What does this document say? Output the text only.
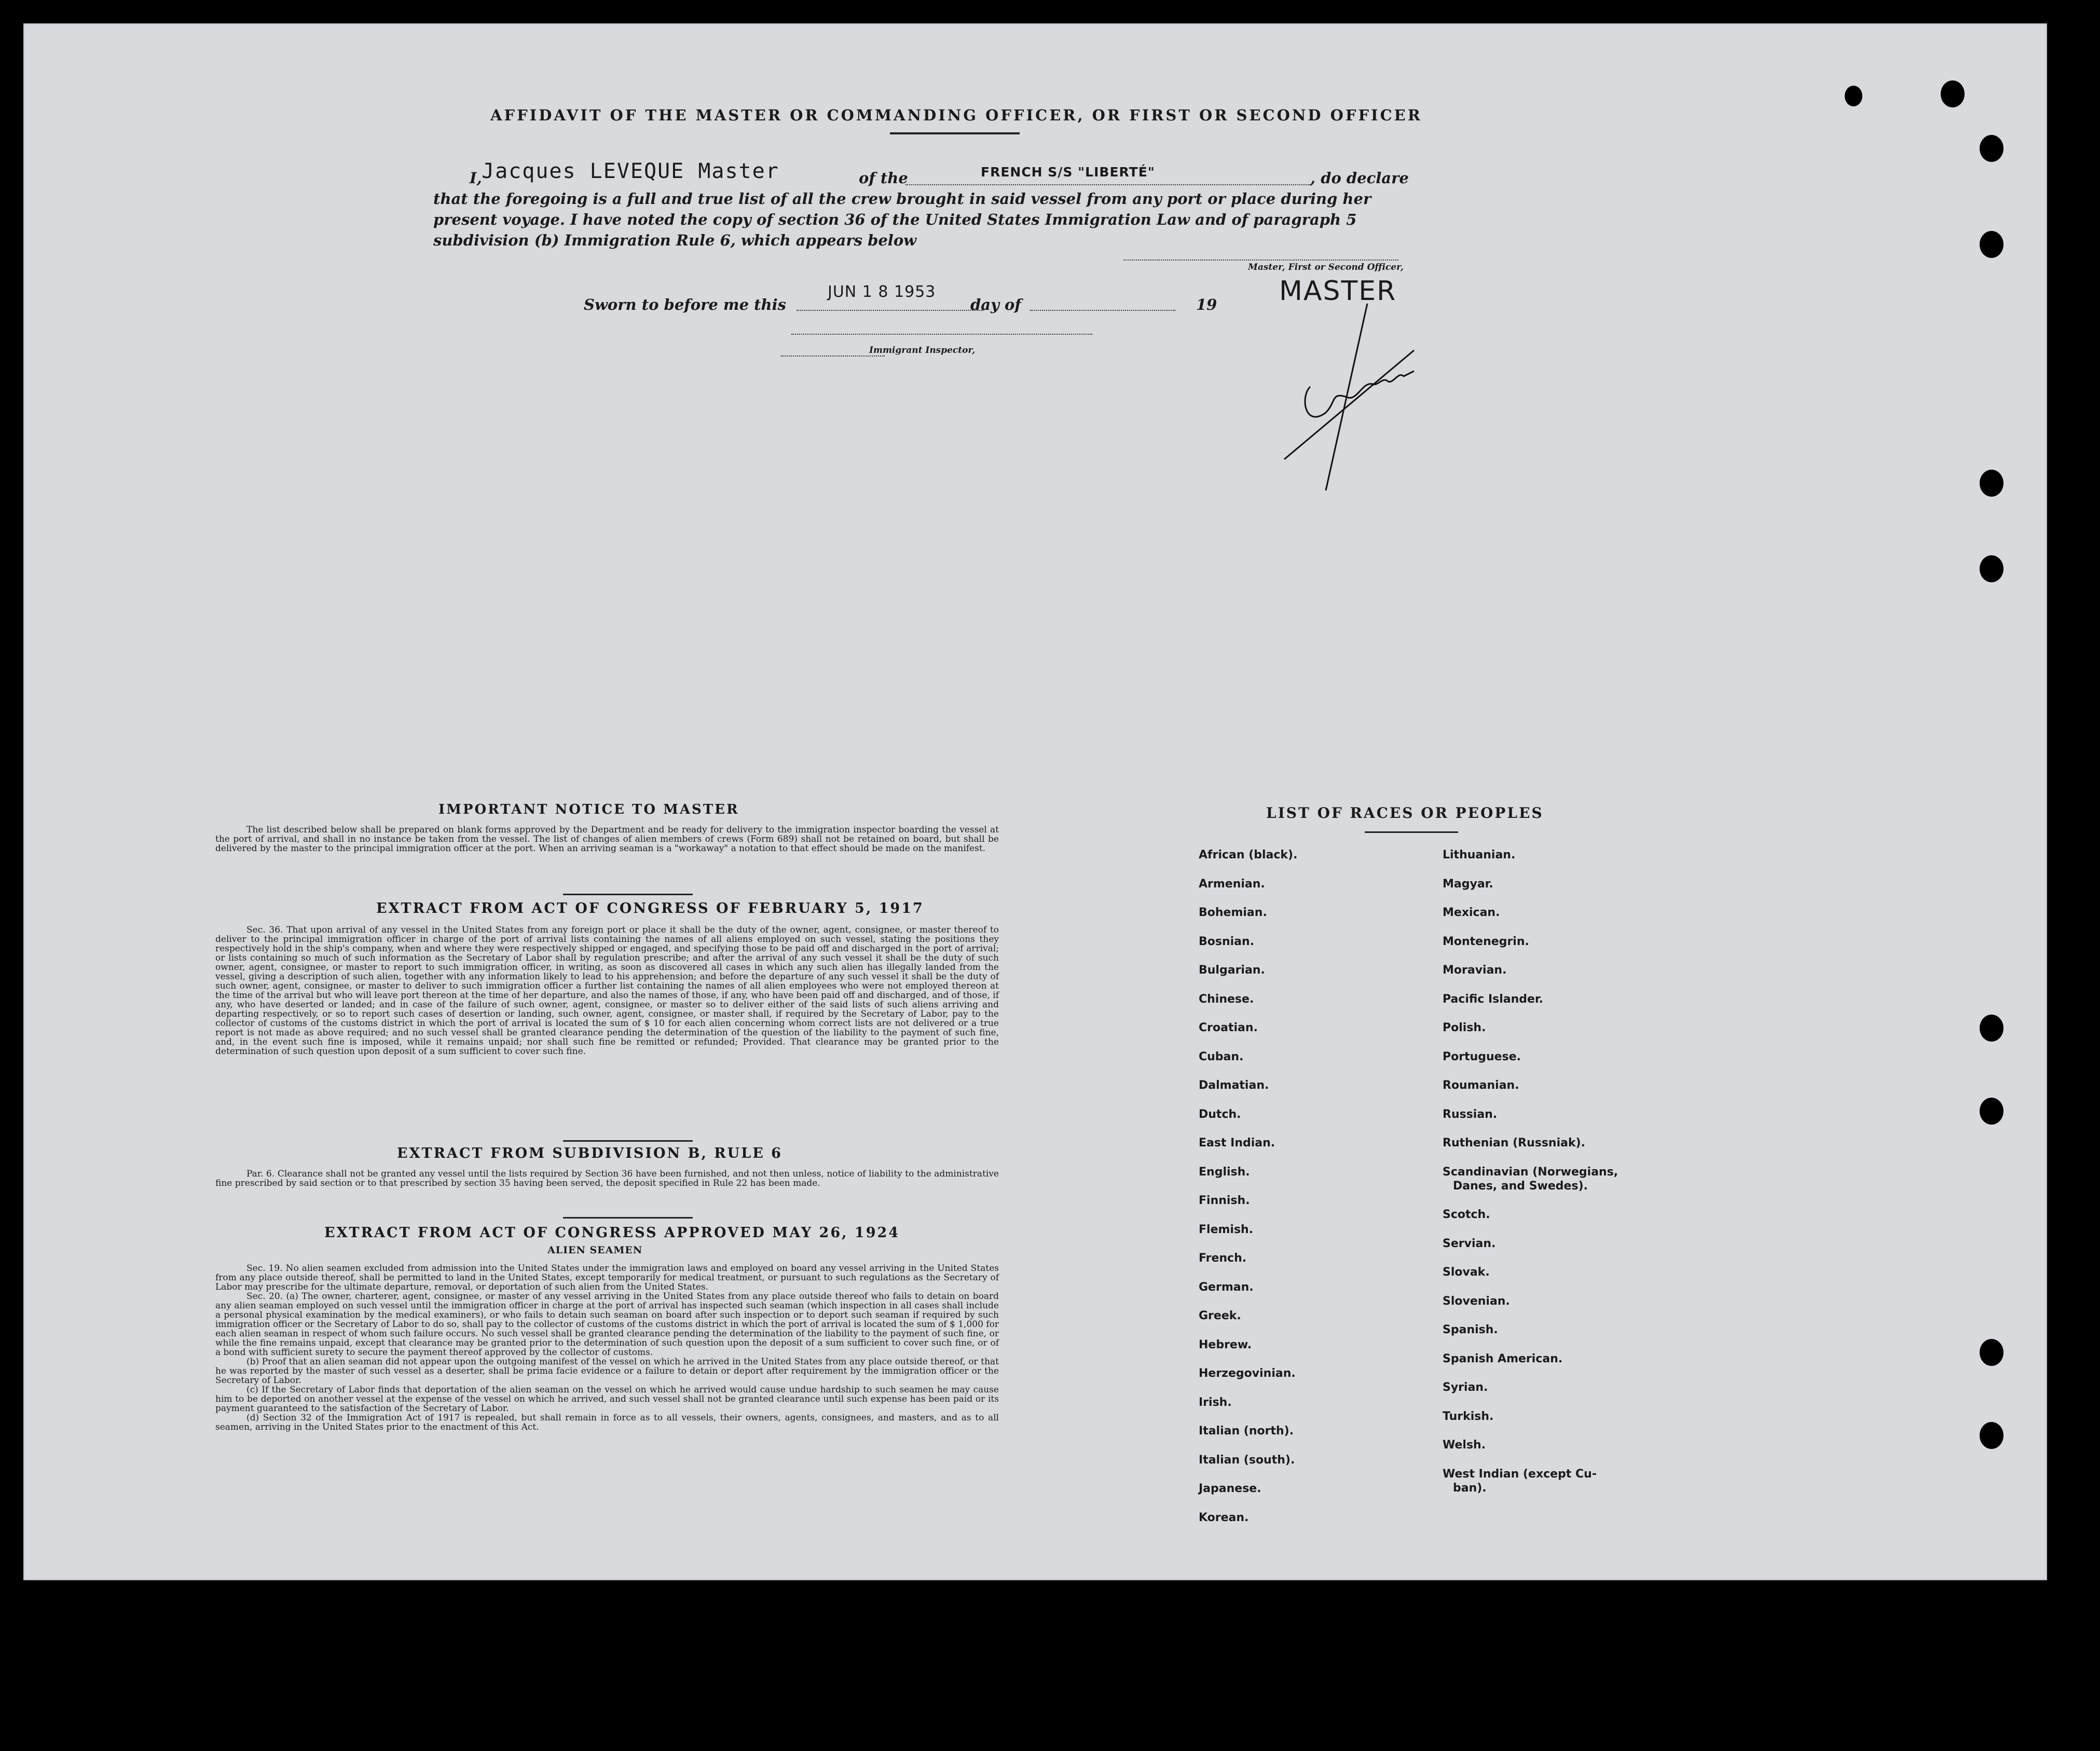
AFFIDAVIT OF THE MASTER OR COMMANDING OFFICER, OR FIRST OR SECOND OFFICER
I, Jacques LEVEQUE Master	of the	FRENCH S/S "LIBERTÉ"	, do declare
that the foregoing is a full and true list of all the crew brought in said vessel from any port or place during her
present voyage. I have noted the copy of section 36 of the United States Immigration Law and of paragraph 5
subdivision (b) Immigration Rule 6, which appears below
Master, First or Second Officer,
MASTER
Sworn to before me this
JUN 1 8 1953
day of	19
Immigrant Inspector,
IMPORTANT NOTICE TO MASTER
The list described below shall be prepared on blank forms approved by the Department and be ready for delivery to the immigration inspector boarding the vessel at the port of arrival, and shall in no instance be taken from the vessel. The list of changes of alien members of crews (Form 689) shall not be retained on board, but shall be delivered by the master to the principal immigration officer at the port. When an arriving seaman is a "workaway" a notation to that effect should be made on the manifest.
EXTRACT FROM ACT OF CONGRESS OF FEBRUARY 5, 1917
Sec. 36. That upon arrival of any vessel in the United States from any foreign port or place it shall be the duty of the owner, agent, consignee, or master thereof to deliver to the principal immigration officer in charge of the port of arrival lists containing the names of all aliens employed on such vessel, stating the positions they respectively hold in the ship's company, when and where they were respectively shipped or engaged, and specifying those to be paid off and discharged in the port of arrival; or lists containing so much of such information as the Secretary of Labor shall by regulation prescribe; and after the arrival of any such vessel it shall be the duty of such owner, agent, consignee, or master to report to such immigration officer, in writing, as soon as discovered all cases in which any such alien has illegally landed from the vessel, giving a description of such alien, together with any information likely to lead to his apprehension; and before the departure of any such vessel it shall be the duty of such owner, agent, consignee, or master to deliver to such immigration officer a further list containing the names of all alien employees who were not employed thereon at the time of the arrival but who will leave port thereon at the time of her departure, and also the names of those, if any, who have been paid off and discharged, and of those, if any, who have deserted or landed; and in case of the failure of such owner, agent, consignee, or master so to deliver either of the said lists of such aliens arriving and departing respectively, or so to report such cases of desertion or landing, such owner, agent, consignee, or master shall, if required by the Secretary of Labor, pay to the collector of customs of the customs district in which the port of arrival is located the sum of $ 10 for each alien concerning whom correct lists are not delivered or a true report is not made as above required; and no such vessel shall be granted clearance pending the determination of the question of the liability to the payment of such fine, and, in the event such fine is imposed, while it remains unpaid; nor shall such fine be remitted or refunded; Provided. That clearance may be granted prior to the determination of such question upon deposit of a sum sufficient to cover such fine.
EXTRACT FROM SUBDIVISION B, RULE 6
Par. 6. Clearance shall not be granted any vessel until the lists required by Section 36 have been furnished, and not then unless, notice of liability to the administrative fine prescribed by said section or to that prescribed by section 35 having been served, the deposit specified in Rule 22 has been made.
EXTRACT FROM ACT OF CONGRESS APPROVED MAY 26, 1924
ALIEN SEAMEN
Sec. 19. No alien seamen excluded from admission into the United States under the immigration laws and employed on board any vessel arriving in the United States from any place outside thereof, shall be permitted to land in the United States, except temporarily for medical treatment, or pursuant to such regulations as the Secretary of Labor may prescribe for the ultimate departure, removal, or deportation of such alien from the United States.
Sec. 20. (a) The owner, charterer, agent, consignee, or master of any vessel arriving in the United States from any place outside thereof who fails to detain on board any alien seaman employed on such vessel until the immigration officer in charge at the port of arrival has inspected such seaman (which inspection in all cases shall include a personal physical examination by the medical examiners), or who fails to detain such seaman on board after such inspection or to deport such seaman if required by such immigration officer or the Secretary of Labor to do so, shall pay to the collector of customs of the customs district in which the port of arrival is located the sum of $ 1,000 for each alien seaman in respect of whom such failure occurs. No such vessel shall be granted clearance pending the determination of the liability to the payment of such fine, or while the fine remains unpaid, except that clearance may be granted prior to the determination of such question upon the deposit of a sum sufficient to cover such fine, or of a bond with sufficient surety to secure the payment thereof approved by the collector of customs.
(b) Proof that an alien seaman did not appear upon the outgoing manifest of the vessel on which he arrived in the United States from any place outside thereof, or that he was reported by the master of such vessel as a deserter, shall be prima facie evidence or a failure to detain or deport after requirement by the immigration officer or the Secretary of Labor.
(c) If the Secretary of Labor finds that deportation of the alien seaman on the vessel on which he arrived would cause undue hardship to such seamen he may cause him to be deported on another vessel at the expense of the vessel on which he arrived, and such vessel shall not be granted clearance until such expense has been paid or its payment guaranteed to the satisfaction of the Secretary of Labor.
(d) Section 32 of the Immigration Act of 1917 is repealed, but shall remain in force as to all vessels, their owners, agents, consignees, and masters, and as to all seamen, arriving in the United States prior to the enactment of this Act.
LIST OF RACES OR PEOPLES
African (black).
Armenian.
Bohemian.
Bosnian.
Bulgarian.
Chinese.
Croatian.
Cuban.
Dalmatian.
Dutch.
East Indian.
English.
Finnish.
Flemish.
French.
German.
Greek.
Hebrew.
Herzegovinian.
Irish.
Italian (north).
Italian (south).
Japanese.
Korean.
Lithuanian.
Magyar.
Mexican.
Montenegrin.
Moravian.
Pacific Islander.
Polish.
Portuguese.
Roumanian.
Russian.
Ruthenian (Russniak).
Scandinavian (Norwegians,
Danes, and Swedes).
Scotch.
Servian.
Slovak.
Slovenian.
Spanish.
Spanish American.
Syrian.
Turkish.
Welsh.
West Indian (except Cu-
ban).
